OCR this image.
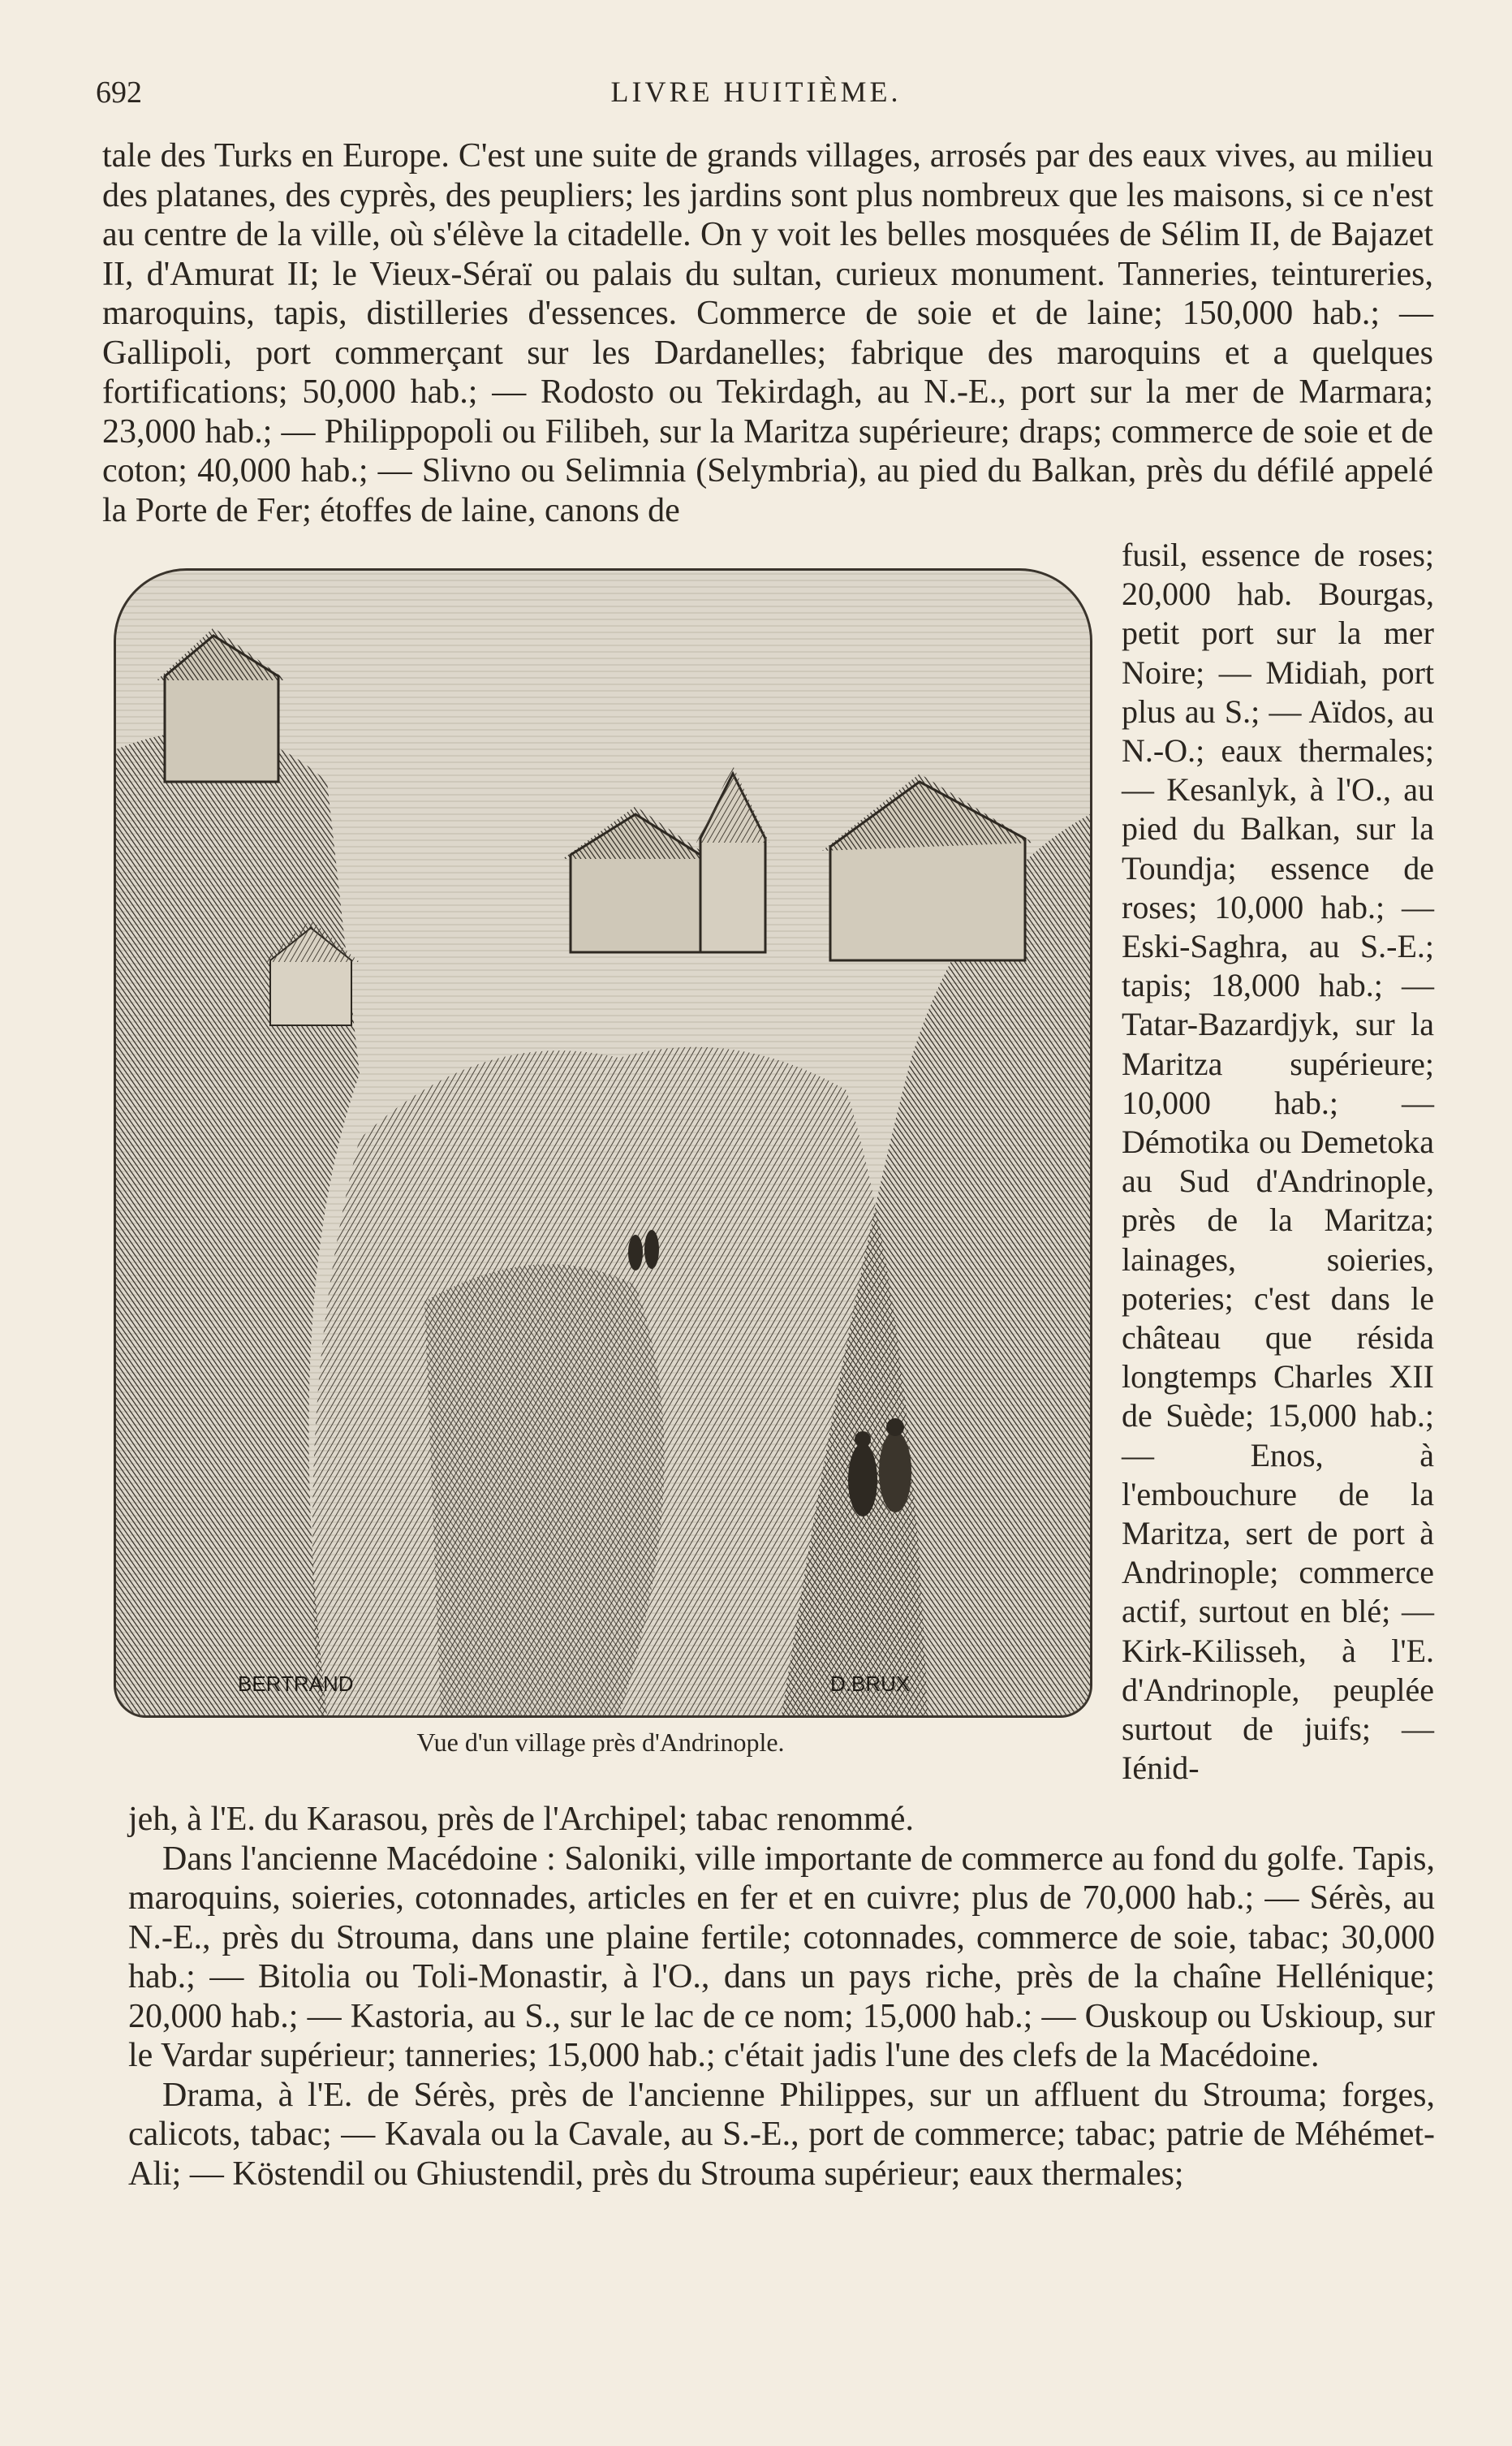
692	LIVRE HUITIÈME.

tale des Turks en Europe. C'est une suite de grands villages, arrosés par des eaux vives, au milieu des platanes, des cyprès, des peupliers; les jardins sont plus nombreux que les maisons, si ce n'est au centre de la ville, où s'élève la citadelle. On y voit les belles mosquées de Sélim II, de Bajazet II, d'Amurat II; le Vieux-Séraï ou palais du sultan, curieux monument. Tanneries, teintureries, maroquins, tapis, distilleries d'essences. Commerce de soie et de laine; 150,000 hab.; — Gallipoli, port commerçant sur les Dardanelles; fabrique des maroquins et a quelques fortifications; 50,000 hab.; — Rodosto ou Tekirdagh, au N.-E., port sur la mer de Marmara; 23,000 hab.; — Philippopoli ou Filibeh, sur la Maritza supérieure; draps; commerce de soie et de coton; 40,000 hab.; — Slivno ou Selimnia (Selymbria), au pied du Balkan, près du défilé appelé la Porte de Fer; étoffes de laine, canons de

BERTRAND	D.BRUX
Vue d'un village près d'Andrinople.

fusil, essence de roses; 20,000 hab. Bourgas, petit port sur la mer Noire; — Midiah, port plus au S.; — Aïdos, au N.-O.; eaux thermales; — Kesanlyk, à l'O., au pied du Balkan, sur la Toundja; essence de roses; 10,000 hab.; — Eski-Saghra, au S.-E.; tapis; 18,000 hab.; — Tatar-Bazardjyk, sur la Maritza supérieure; 10,000 hab.; — Démotika ou Demetoka au Sud d'Andrinople, près de la Maritza; lainages, soieries, poteries; c'est dans le château que résida longtemps Charles XII de Suède; 15,000 hab.; — Enos, à l'embouchure de la Maritza, sert de port à Andrinople; commerce actif, surtout en blé; — Kirk-Kilisseh, à l'E. d'Andrinople, peuplée surtout de juifs; — Iénid-

jeh, à l'E. du Karasou, près de l'Archipel; tabac renommé.

Dans l'ancienne Macédoine : Saloniki, ville importante de commerce au fond du golfe. Tapis, maroquins, soieries, cotonnades, articles en fer et en cuivre; plus de 70,000 hab.; — Sérès, au N.-E., près du Strouma, dans une plaine fertile; cotonnades, commerce de soie, tabac; 30,000 hab.; — Bitolia ou Toli-Monastir, à l'O., dans un pays riche, près de la chaîne Hellénique; 20,000 hab.; — Kastoria, au S., sur le lac de ce nom; 15,000 hab.; — Ouskoup ou Uskioup, sur le Vardar supérieur; tanneries; 15,000 hab.; c'était jadis l'une des clefs de la Macédoine.

Drama, à l'E. de Sérès, près de l'ancienne Philippes, sur un affluent du Strouma; forges, calicots, tabac; — Kavala ou la Cavale, au S.-E., port de commerce; tabac; patrie de Méhémet-Ali; — Köstendil ou Ghiustendil, près du Strouma supérieur; eaux thermales;
